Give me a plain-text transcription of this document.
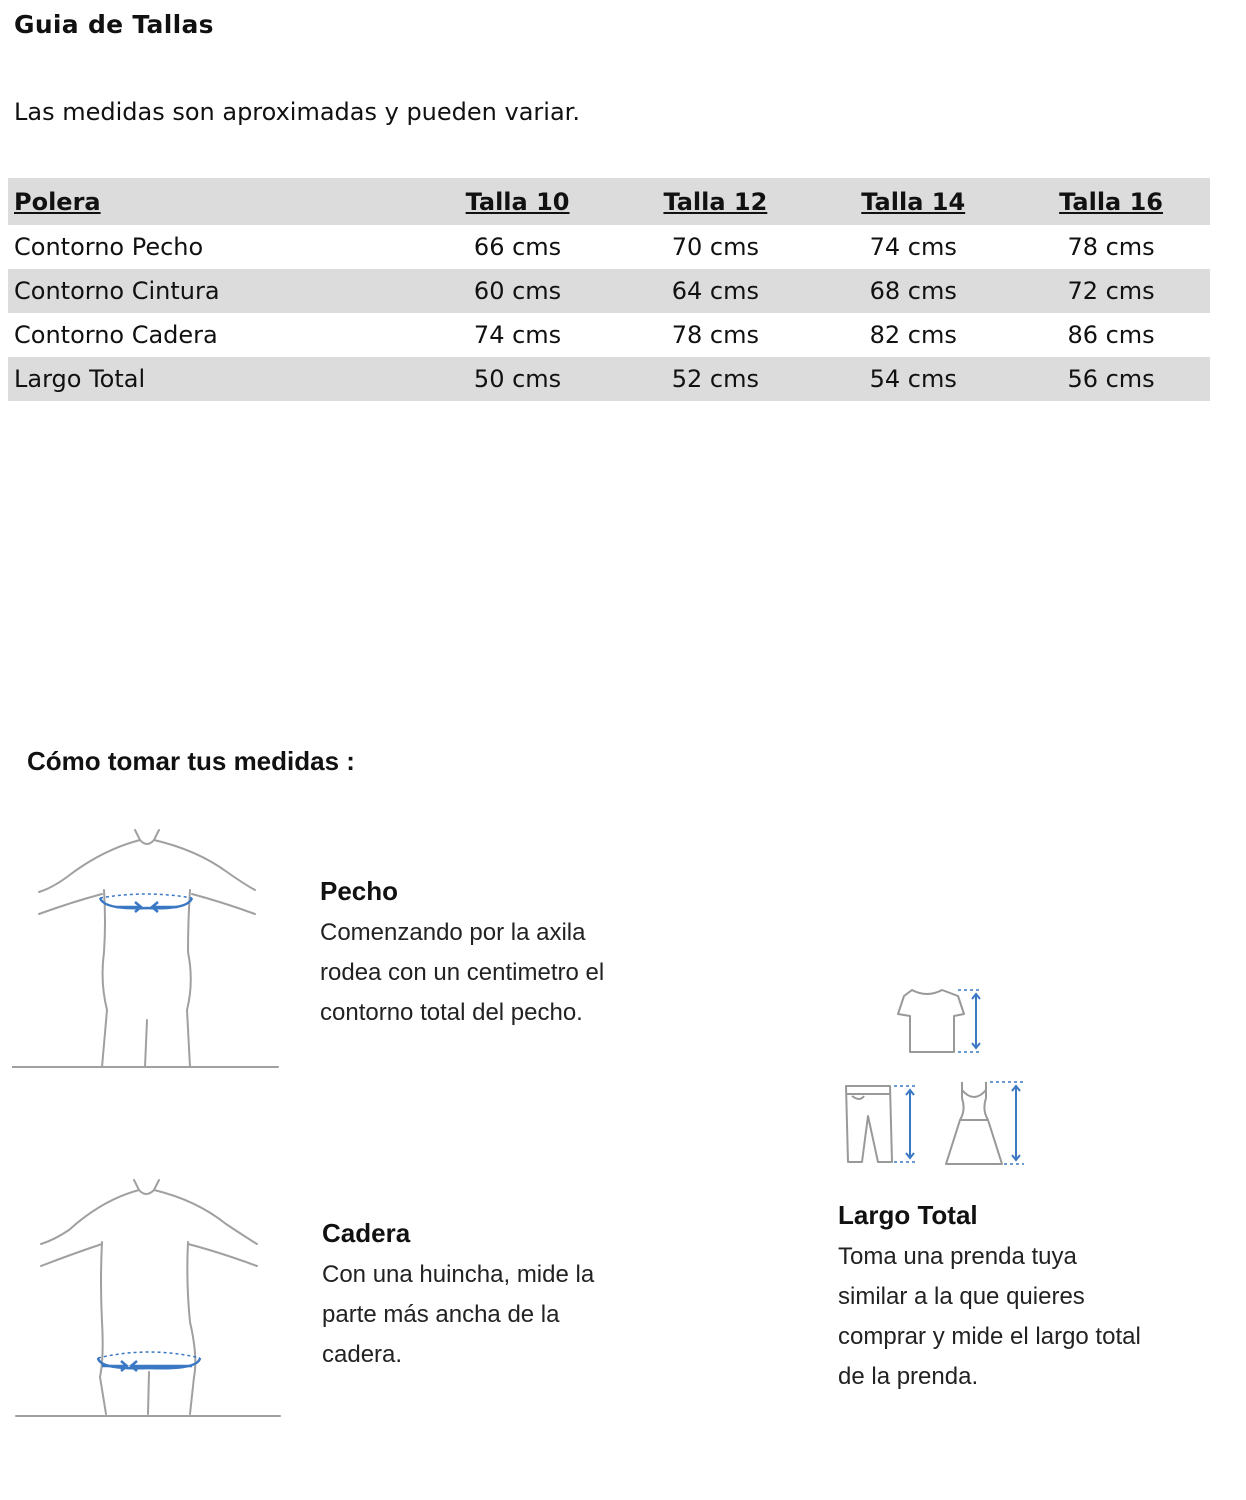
Guia de Tallas
Las medidas son aproximadas y pueden variar.
Polera	Talla 10	Talla 12	Talla 14	Talla 16
Contorno Pecho	66 cms	70 cms	74 cms	78 cms
Contorno Cintura	60 cms	64 cms	68 cms	72 cms
Contorno Cadera	74 cms	78 cms	82 cms	86 cms
Largo Total	50 cms	52 cms	54 cms	56 cms
Cómo tomar tus medidas :
Pecho

Comenzando por la axila

rodea con un centimetro el

contorno total del pecho.

Cadera

Con una huincha, mide la

parte más ancha de la

cadera.

Largo Total

Toma una prenda tuya

similar a la que quieres

comprar y mide el largo total

de la prenda.
